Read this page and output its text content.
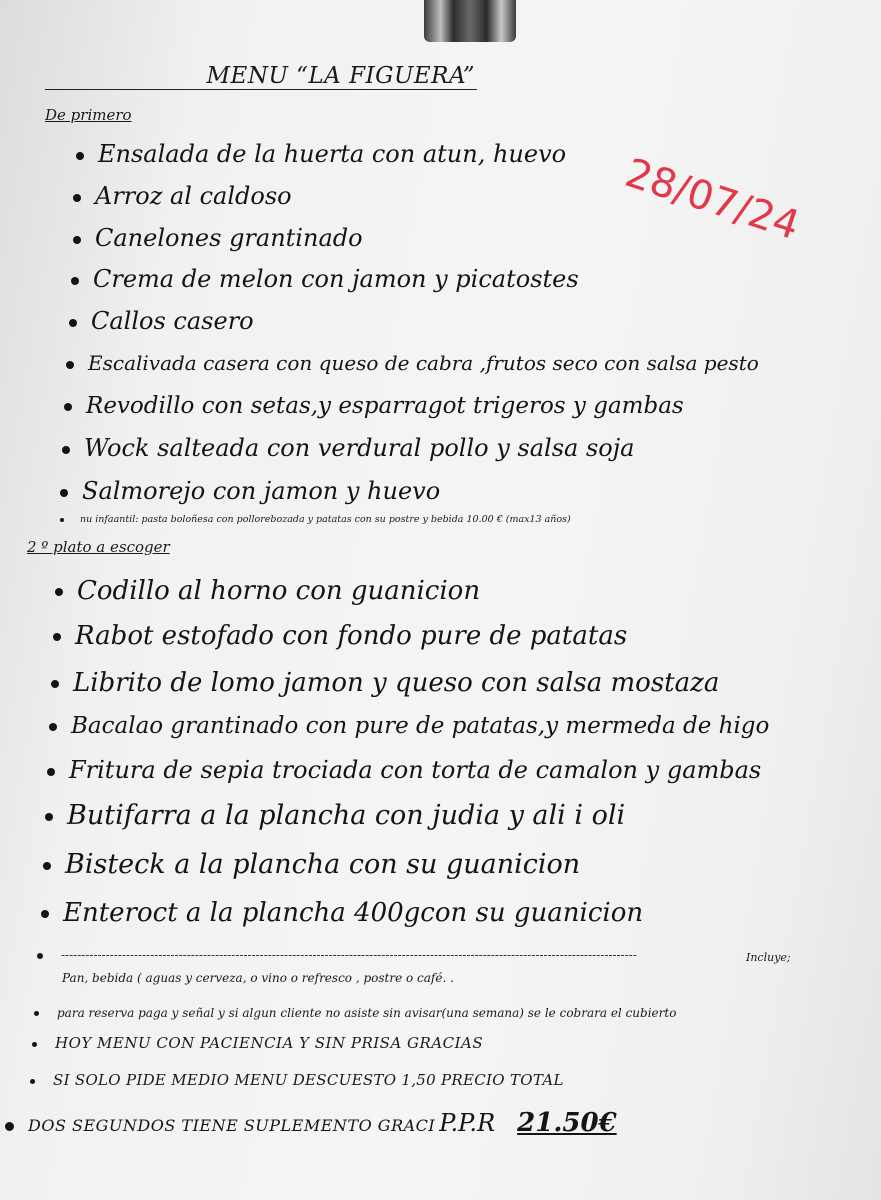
MENU “LA FIGUERA”
28/07/24
De primero
Ensalada de la huerta con atun, huevo
Arroz al caldoso
Canelones grantinado
Crema de melon con jamon y picatostes
Callos casero
Escalivada casera con queso de cabra ,frutos seco con salsa pesto
Revodillo con setas,y esparragot trigeros y gambas
Wock salteada con verdural pollo y salsa soja
Salmorejo con jamon y huevo
nu infaantil: pasta boloñesa con pollorebozada y patatas con su postre y bebida 10.00 € (max13 años)
2 º plato a escoger
Codillo al horno con guanicion
Rabot estofado con fondo pure de patatas
Librito de lomo jamon y queso con salsa mostaza
Bacalao grantinado con pure de patatas,y mermeda de higo
Fritura de sepia trociada con torta de camalon y gambas
Butifarra a la plancha con judia y ali i oli
Bisteck a la plancha con su guanicion
Enteroct a la plancha 400gcon su guanicion
----------------------------------------------------------------------------------------------------------------------------------------------	Incluye;
Pan, bebida ( aguas y cerveza, o vino o refresco , postre o café. .
para reserva paga y señal y si algun cliente no asiste sin avisar(una semana) se le cobrara el cubierto
HOY MENU CON PACIENCIA Y SIN PRISA GRACIAS
SI SOLO PIDE MEDIO MENU DESCUESTO 1,50 PRECIO TOTAL
DOS SEGUNDOS TIENE SUPLEMENTO GRACI P.P.R 21.50€
